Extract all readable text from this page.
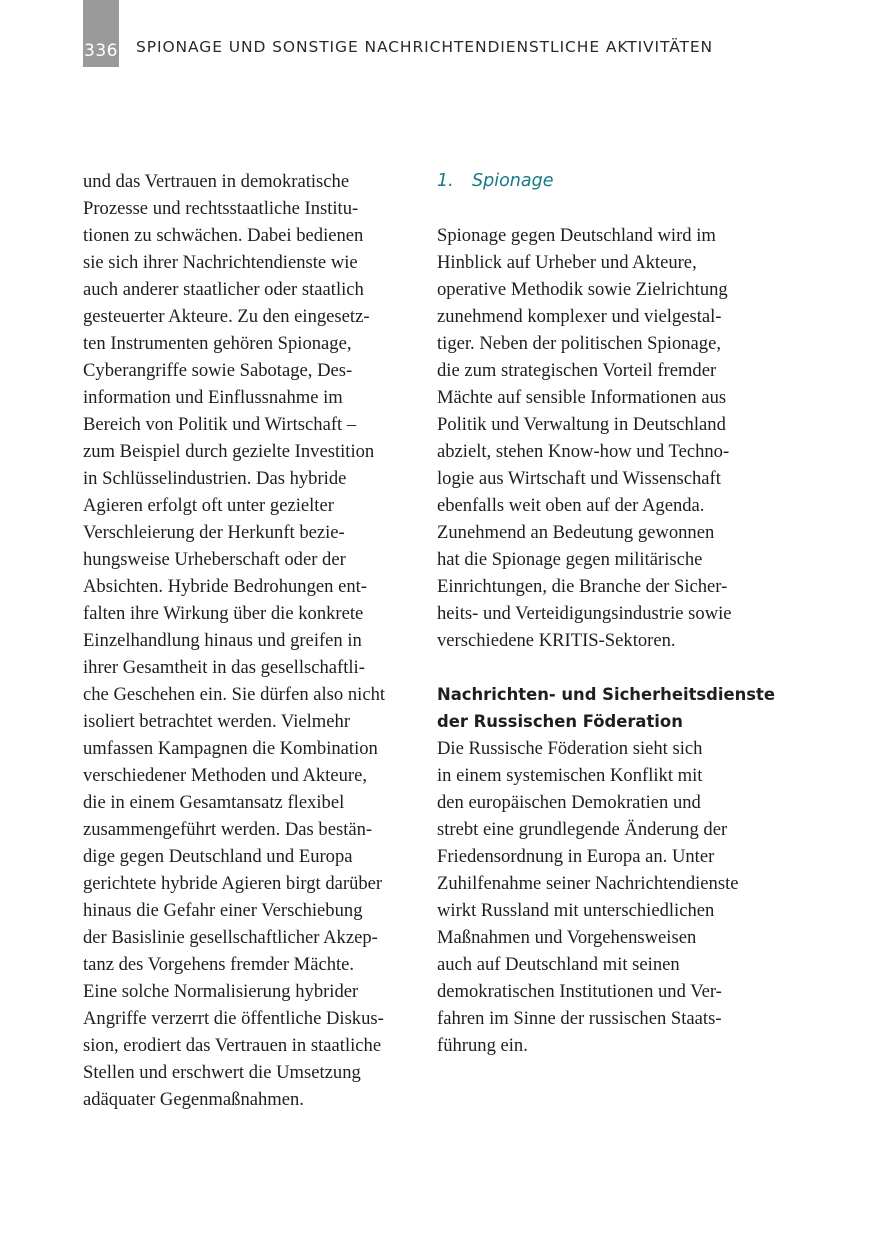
336 SPIONAGE UND SONSTIGE NACHRICHTENDIENSTLICHE AKTIVITÄTEN
und das Vertrauen in demokratische
Prozesse und rechtsstaatliche Institu-
tionen zu schwächen. Dabei bedienen
sie sich ihrer Nachrichtendienste wie
auch anderer staatlicher oder staatlich
gesteuerter Akteure. Zu den eingesetz-
ten Instrumenten gehören Spionage,
Cyberangriffe sowie Sabotage, Des-
information und Einflussnahme im
Bereich von Politik und Wirtschaft –
zum Beispiel durch gezielte Investition
in Schlüsselindustrien. Das hybride
Agieren erfolgt oft unter gezielter
Verschleierung der Herkunft bezie-
hungsweise Urheberschaft oder der
Absichten. Hybride Bedrohungen ent-
falten ihre Wirkung über die konkrete
Einzelhandlung hinaus und greifen in
ihrer Gesamtheit in das gesellschaftli-
che Geschehen ein. Sie dürfen also nicht
isoliert betrachtet werden. Vielmehr
umfassen Kampagnen die Kombination
verschiedener Methoden und Akteure,
die in einem Gesamtansatz flexibel
zusammengeführt werden. Das bestän-
dige gegen Deutschland und Europa
gerichtete hybride Agieren birgt darüber
hinaus die Gefahr einer Verschiebung
der Basislinie gesellschaftlicher Akzep-
tanz des Vorgehens fremder Mächte.
Eine solche Normalisierung hybrider
Angriffe verzerrt die öffentliche Diskus-
sion, erodiert das Vertrauen in staatliche
Stellen und erschwert die Umsetzung
adäquater Gegenmaßnahmen.
1. Spionage
Spionage gegen Deutschland wird im
Hinblick auf Urheber und Akteure,
operative Methodik sowie Zielrichtung
zunehmend komplexer und vielgestal-
tiger. Neben der politischen Spionage,
die zum strategischen Vorteil fremder
Mächte auf sensible Informationen aus
Politik und Verwaltung in Deutschland
abzielt, stehen Know-how und Techno-
logie aus Wirtschaft und Wissenschaft
ebenfalls weit oben auf der Agenda.
Zunehmend an Bedeutung gewonnen
hat die Spionage gegen militärische
Einrichtungen, die Branche der Sicher-
heits- und Verteidigungsindustrie sowie
verschiedene KRITIS-Sektoren.
Nachrichten- und Sicherheitsdienste
der Russischen Föderation
Die Russische Föderation sieht sich
in einem systemischen Konflikt mit
den europäischen Demokratien und
strebt eine grundlegende Änderung der
Friedensordnung in Europa an. Unter
Zuhilfenahme seiner Nachrichtendienste
wirkt Russland mit unterschiedlichen
Maßnahmen und Vorgehensweisen
auch auf Deutschland mit seinen
demokratischen Institutionen und Ver-
fahren im Sinne der russischen Staats-
führung ein.
